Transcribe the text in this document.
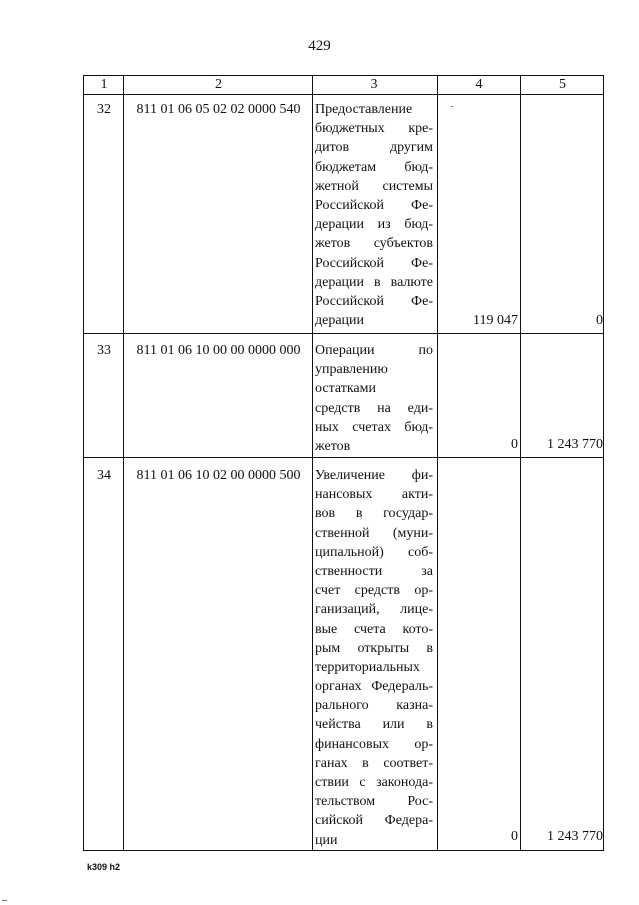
429
1	2	3	4	5
32	811 01 06 05 02 02 0000 540	Предоставление
бюджетных кре-
дитов другим
бюджетам бюд-
жетной системы
Российской Фе-
дерации из бюд-
жетов субъектов
Российской Фе-
дерации в валюте
Российской Фе-
дерации	119 047	0
33	811 01 06 10 00 00 0000 000	Операции по
управлению
остатками
средств на еди-
ных счетах бюд-
жетов	0	1 243 770
34	811 01 06 10 02 00 0000 500	Увеличение фи-
нансовых акти-
вов в государ-
ственной (муни-
ципальной) соб-
ственности за
счет средств ор-
ганизаций, лице-
вые счета кото-
рым открыты в
территориальных
органах Федераль-
рального казна-
чейства или в
финансовых ор-
ганах в соответ-
ствии с законода-
тельством Рос-
сийской Федера-
ции	0	1 243 770
k309 h2
